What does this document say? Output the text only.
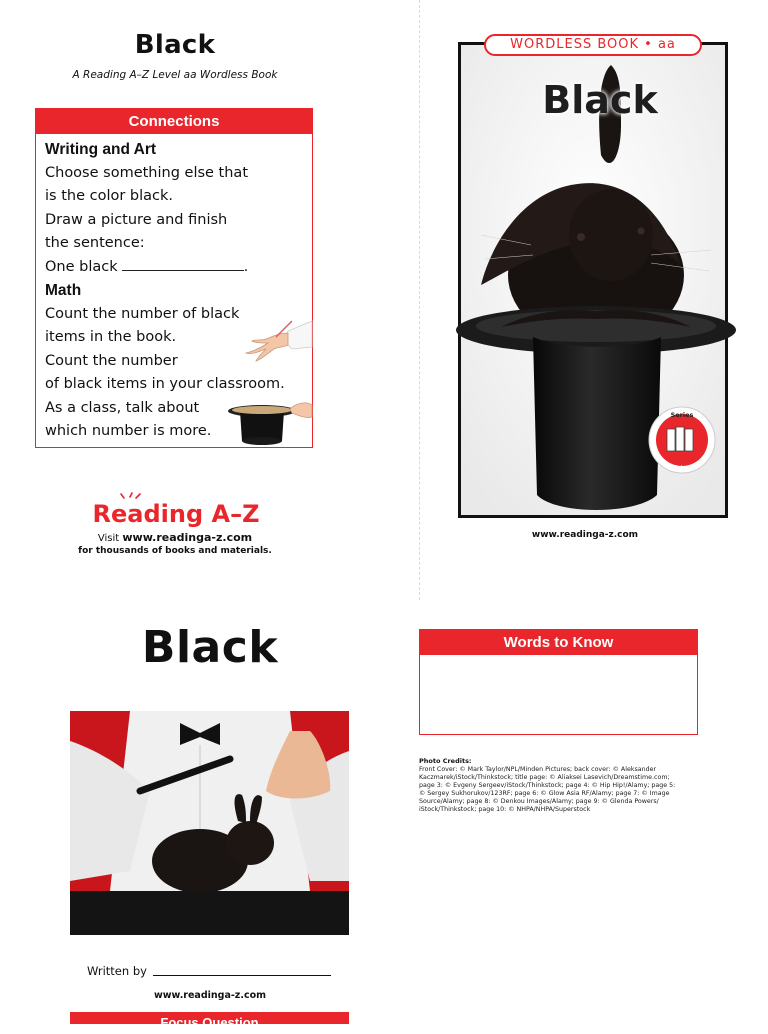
Black
A Reading A–Z Level aa Wordless Book
Connections
Writing and Art
Choose something else that
is the color black.
Draw a picture and finish
the sentence:
One black	.
Math
Count the number of black
items in the book.
Count the number
of black items in your classroom.
As a class, talk about
which number is more.
Reading A–Z
Visit www.readinga-z.com
for thousands of books and materials.
WORDLESS BOOK • aa
Black
Series
Colors
www.readinga-z.com
Black
Written by
www.readinga-z.com
Focus Question
Words to Know
Photo Credits:
Front Cover: © Mark Taylor/NPL/Minden Pictures; back cover: © Aleksander
Kaczmarek/iStock/Thinkstock; title page: © Aliaksei Lasevich/Dreamstime.com;
page 3: © Evgeny Sergeev/iStock/Thinkstock; page 4: © Hip Hip!/Alamy; page 5:
© Sergey Sukhorukov/123RF; page 6: © Glow Asia RF/Alamy; page 7: © Image
Source/Alamy; page 8: © Denkou Images/Alamy; page 9: © Glenda Powers/
iStock/Thinkstock; page 10: © NHPA/NHPA/Superstock
